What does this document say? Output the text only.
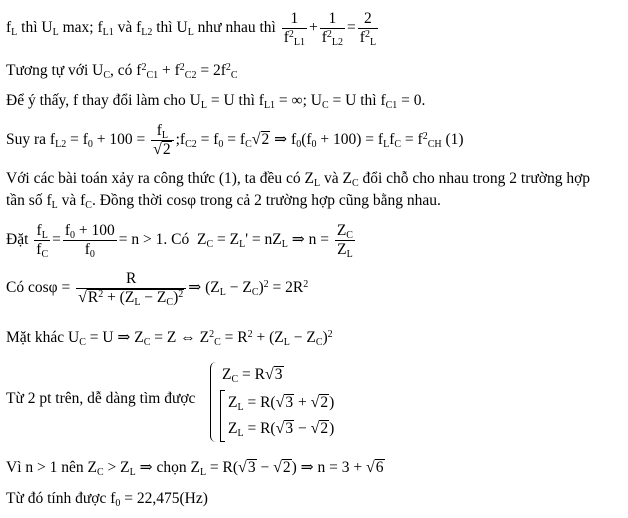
$f_L$ thì $U_L$ max; $f_{L1}$ và $f_{L2}$ thì $U_L$ như nhau thì $\frac{1}{f^2_{L1}} + \frac{1}{f^2_{L2}} = \frac{2}{f^2_L}$
Tương tự với $U_C$, có $f^2_{C1} + f^2_{C2} = 2f^2_C$
Để ý thấy, f thay đổi làm cho $U_L = U$ thì $f_{L1}$ = ∞; $U_C = U$ thì $f_{C1} = 0$.
Suy ra $f_{L2} = f_0 + 100 = \frac{f_L}{√2}$ $;f_{C2} = f_0 = f_C√2$ ⇒ $f_0(f_0 + 100) = f_Lf_C = f^2_{CH}$ (1)
Với các bài toán xảy ra công thức (1), ta đều có $Z_L$ và $Z_C$ đổi chỗ cho nhau trong 2 trường hợp
tần số $f_L$ và $f_C$. Đồng thời cosφ trong cả 2 trường hợp cũng bằng nhau.
Đặt $\frac{f_L}{f_C} = \frac{f_0 + 100}{f_0} = n > 1$. Có  $Z_C = Z_L' = nZ_L$ ⇒ $n = \frac{Z_C}{Z_L}$
Có $\cos\varphi = \frac{R}{√R^2 + (Z_L - Z_C)^2}$ ⇒ $(Z_L - Z_C)^2 = 2R^2$
Mặt khác $U_C = U$ ⇒ $Z_C = Z$ ⇔ $Z^2_C = R^2 + (Z_L - Z_C)^2$
Từ 2 pt trên, dễ dàng tìm được
$Z_C = R√3$
$Z_L = R(√3 + √2)$
$Z_L = R(√3 - √2)$
Vì n > 1 nên $Z_C > Z_L$ ⇒ chọn $Z_L = R(√3 - √2)$ ⇒ n = 3 + √6
Từ đó tính được $f_0 = 22,475(Hz)$
